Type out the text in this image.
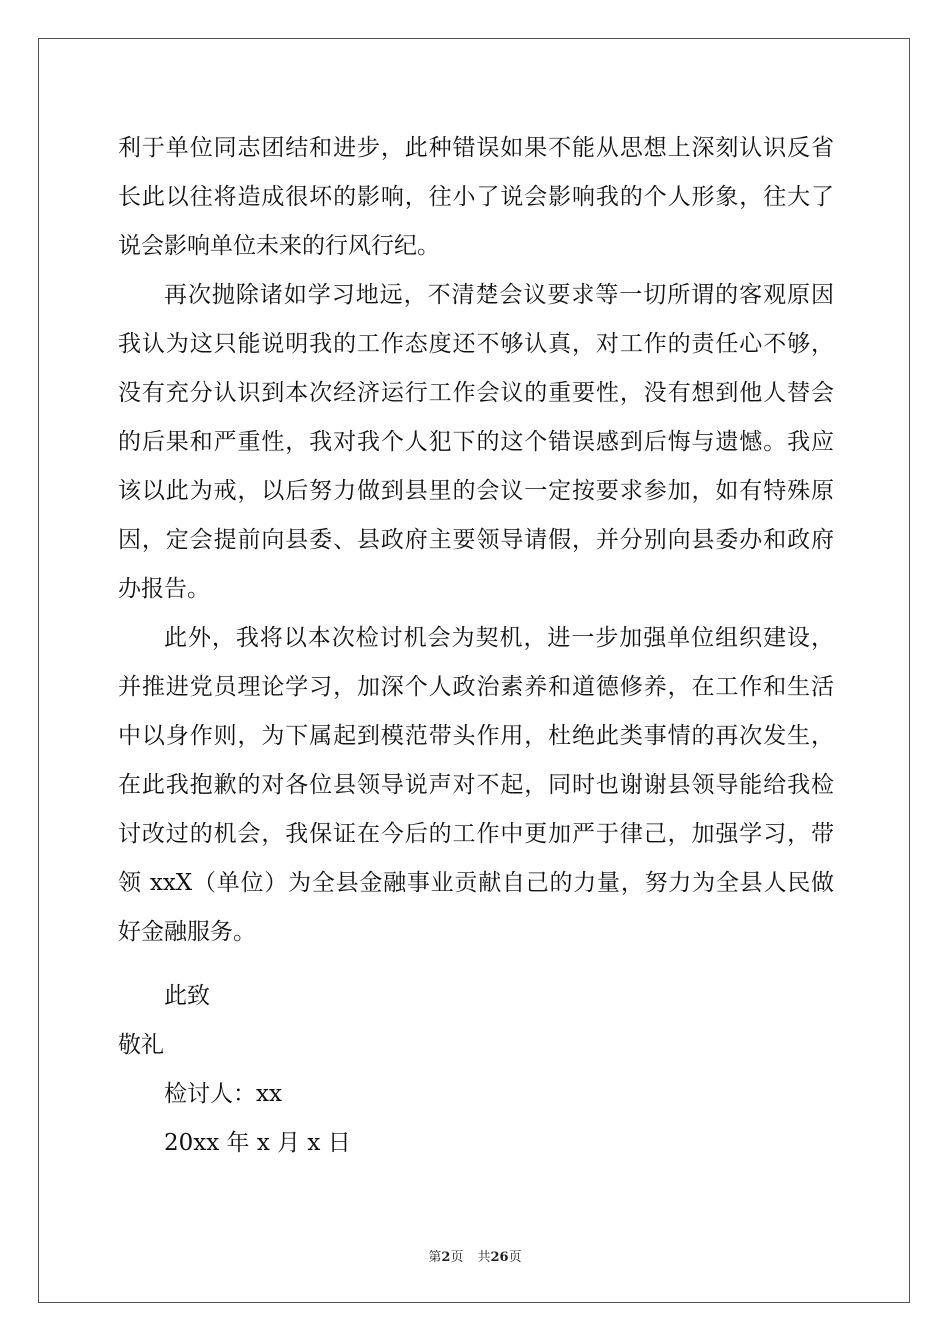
利于单位同志团结和进步，此种错误如果不能从思想上深刻认识反省
长此以往将造成很坏的影响，往小了说会影响我的个人形象，往大了
说会影响单位未来的行风行纪。
再次抛除诸如学习地远，不清楚会议要求等一切所谓的客观原因
我认为这只能说明我的工作态度还不够认真，对工作的责任心不够，
没有充分认识到本次经济运行工作会议的重要性，没有想到他人替会
的后果和严重性，我对我个人犯下的这个错误感到后悔与遗憾。我应
该以此为戒，以后努力做到县里的会议一定按要求参加，如有特殊原
因，定会提前向县委、县政府主要领导请假，并分别向县委办和政府
办报告。
此外，我将以本次检讨机会为契机，进一步加强单位组织建设，
并推进党员理论学习，加深个人政治素养和道德修养，在工作和生活
中以身作则，为下属起到模范带头作用，杜绝此类事情的再次发生，
在此我抱歉的对各位县领导说声对不起，同时也谢谢县领导能给我检
讨改过的机会，我保证在今后的工作中更加严于律己，加强学习，带
领 xxX（单位）为全县金融事业贡献自己的力量，努力为全县人民做
好金融服务。
此致
敬礼
检讨人：xx
20xx 年 x 月 x 日
第2页 共26页
